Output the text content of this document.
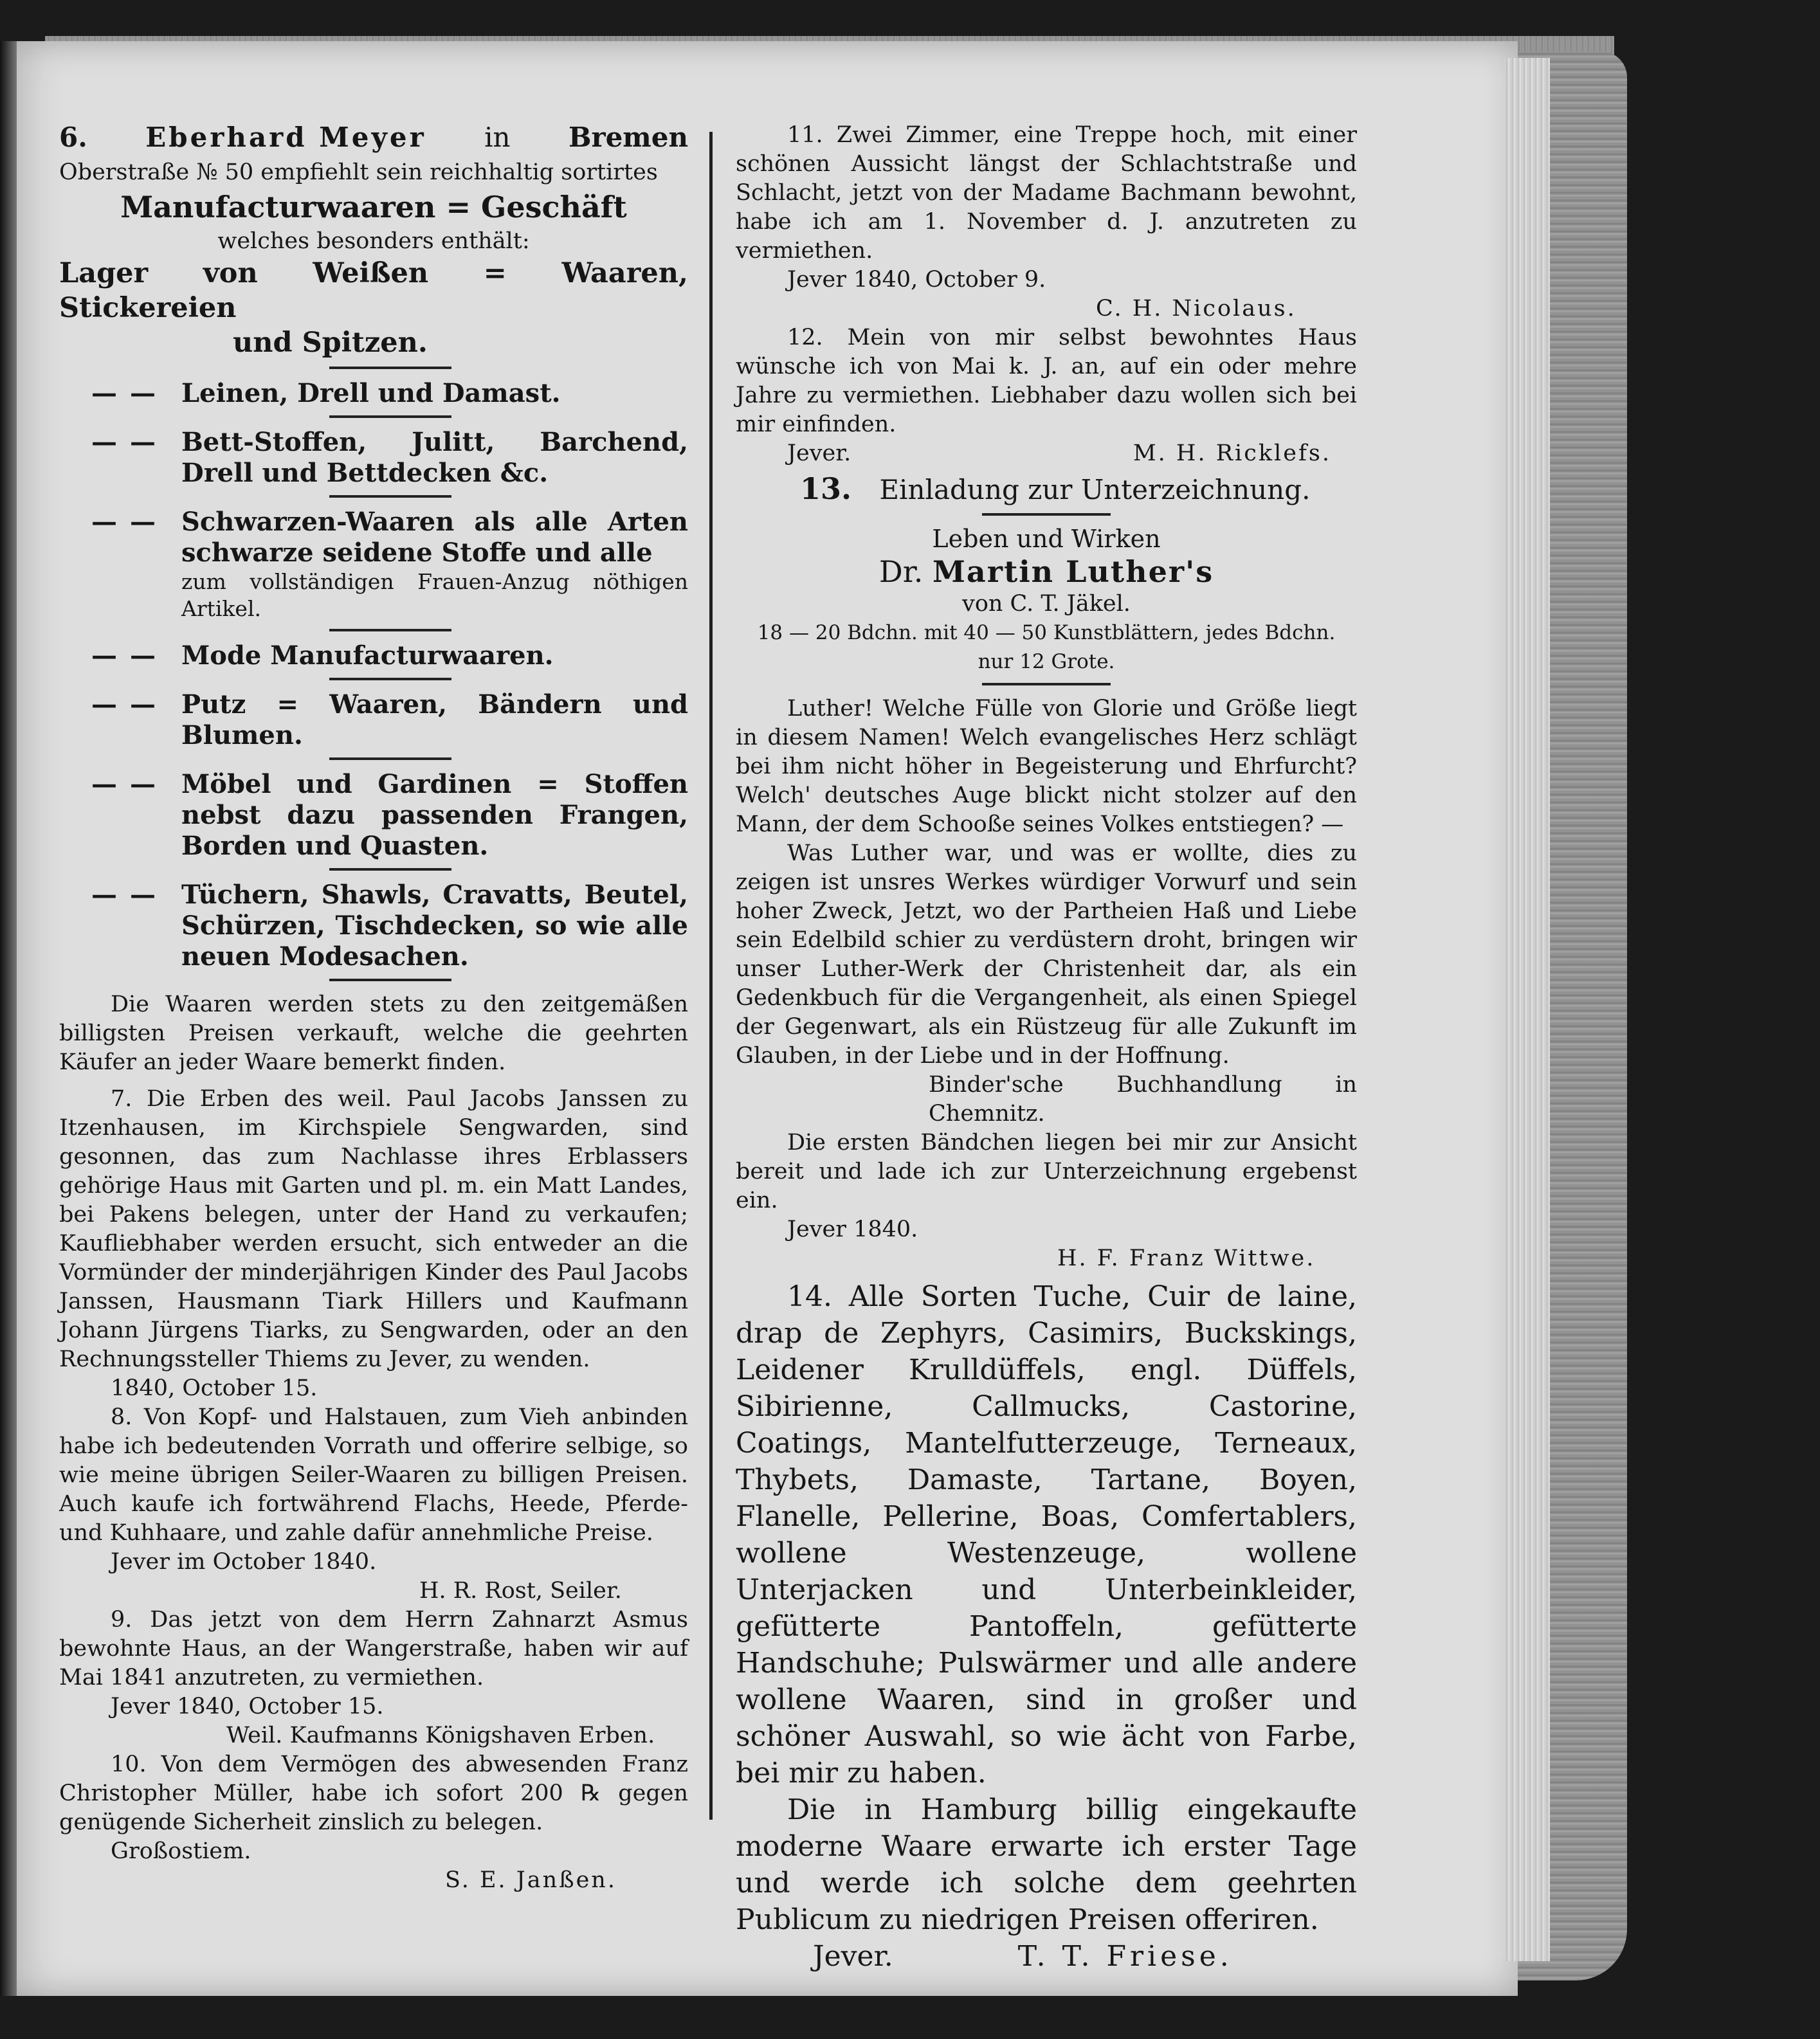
6. Eberhard Meyer in Bremen

Oberstraße № 50 empfiehlt sein reichhaltig sortirtes

Manufacturwaaren = Geschäft

welches besonders enthält:

Lager von Weißen = Waaren, Stickereien

und Spitzen.

— —	Leinen, Drell und Damast.
— —	Bett-Stoffen, Julitt, Barchend, Drell und Bettdecken &c.
— —	Schwarzen-Waaren als alle Arten schwarze seidene Stoffe und alle
zum vollständigen Frauen-Anzug nöthigen Artikel.
— —	Mode Manufacturwaaren.
— —	Putz = Waaren, Bändern und Blumen.
— —	Möbel und Gardinen = Stoffen nebst dazu passenden Frangen, Borden und Quasten.
— —	Tüchern, Shawls, Cravatts, Beutel, Schürzen, Tischdecken, so wie alle neuen Modesachen.

Die Waaren werden stets zu den zeitgemäßen billigsten Preisen verkauft, welche die geehrten Käufer an jeder Waare bemerkt finden.

7. Die Erben des weil. Paul Jacobs Janssen zu Itzenhausen, im Kirchspiele Sengwarden, sind gesonnen, das zum Nachlasse ihres Erblassers gehörige Haus mit Garten und pl. m. ein Matt Landes, bei Pakens belegen, unter der Hand zu verkaufen; Kaufliebhaber werden ersucht, sich entweder an die Vormünder der minderjährigen Kinder des Paul Jacobs Janssen, Hausmann Tiark Hillers und Kaufmann Johann Jürgens Tiarks, zu Sengwarden, oder an den Rechnungssteller Thiems zu Jever, zu wenden.

1840, October 15.

8. Von Kopf- und Halstauen, zum Vieh anbinden habe ich bedeutenden Vorrath und offerire selbige, so wie meine übrigen Seiler-Waaren zu billigen Preisen. Auch kaufe ich fortwährend Flachs, Heede, Pferde- und Kuhhaare, und zahle dafür annehmliche Preise.

Jever im October 1840.

H. R. Rost, Seiler.

9. Das jetzt von dem Herrn Zahnarzt Asmus bewohnte Haus, an der Wangerstraße, haben wir auf Mai 1841 anzutreten, zu vermiethen.

Jever 1840, October 15.

Weil. Kaufmanns Königshaven Erben.

10. Von dem Vermögen des abwesenden Franz Christopher Müller, habe ich sofort 200 ℞ gegen genügende Sicherheit zinslich zu belegen.

Großostiem.

S. E. Janßen.

11. Zwei Zimmer, eine Treppe hoch, mit einer schönen Aussicht längst der Schlachtstraße und Schlacht, jetzt von der Madame Bachmann bewohnt, habe ich am 1. November d. J. anzutreten zu vermiethen.

Jever 1840, October 9.

C. H. Nicolaus.

12. Mein von mir selbst bewohntes Haus wünsche ich von Mai k. J. an, auf ein oder mehre Jahre zu vermiethen. Liebhaber dazu wollen sich bei mir einfinden.

Jever.	M. H. Ricklefs.

13. Einladung zur Unterzeichnung.

Leben und Wirken

Dr. Martin Luther's

von C. T. Jäkel.

18 — 20 Bdchn. mit 40 — 50 Kunstblättern, jedes Bdchn.

nur 12 Grote.

Luther! Welche Fülle von Glorie und Größe liegt in diesem Namen! Welch evangelisches Herz schlägt bei ihm nicht höher in Begeisterung und Ehrfurcht? Welch' deutsches Auge blickt nicht stolzer auf den Mann, der dem Schooße seines Volkes entstiegen? —

Was Luther war, und was er wollte, dies zu zeigen ist unsres Werkes würdiger Vorwurf und sein hoher Zweck, Jetzt, wo der Partheien Haß und Liebe sein Edelbild schier zu verdüstern droht, bringen wir unser Luther-Werk der Christenheit dar, als ein Gedenkbuch für die Vergangenheit, als einen Spiegel der Gegenwart, als ein Rüstzeug für alle Zukunft im Glauben, in der Liebe und in der Hoffnung.

Binder'sche Buchhandlung in Chemnitz.

Die ersten Bändchen liegen bei mir zur Ansicht bereit und lade ich zur Unterzeichnung ergebenst ein.

Jever 1840.

H. F. Franz Wittwe.

14. Alle Sorten Tuche, Cuir de laine, drap de Zephyrs, Casimirs, Buckskings, Leidener Krulldüffels, engl. Düffels, Sibirienne, Callmucks, Castorine, Coatings, Mantelfutterzeuge, Terneaux, Thybets, Damaste, Tartane, Boyen, Flanelle, Pellerine, Boas, Comfertablers, wollene Westenzeuge, wollene Unterjacken und Unterbeinkleider, gefütterte Pantoffeln, gefütterte Handschuhe; Pulswärmer und alle andere wollene Waaren, sind in großer und schöner Auswahl, so wie ächt von Farbe, bei mir zu haben.

Die in Hamburg billig eingekaufte moderne Waare erwarte ich erster Tage und werde ich solche dem geehrten Publicum zu niedrigen Preisen offeriren.

Jever.	T. T. Friese.
